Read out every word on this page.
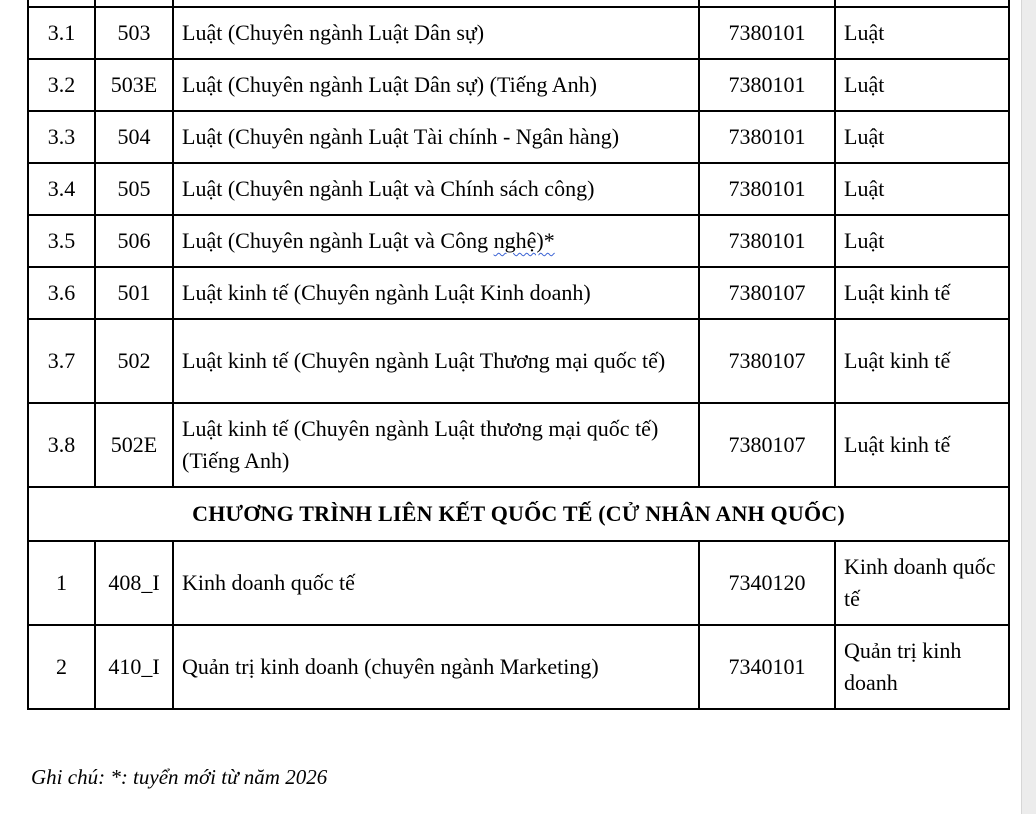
3.1	503	Luật (Chuyên ngành Luật Dân sự)	7380101	Luật
3.2	503E	Luật (Chuyên ngành Luật Dân sự) (Tiếng Anh)	7380101	Luật
3.3	504	Luật (Chuyên ngành Luật Tài chính - Ngân hàng)	7380101	Luật
3.4	505	Luật (Chuyên ngành Luật và Chính sách công)	7380101	Luật
3.5	506	Luật (Chuyên ngành Luật và Công nghệ)*	7380101	Luật
3.6	501	Luật kinh tế (Chuyên ngành Luật Kinh doanh)	7380107	Luật kinh tế
3.7	502	Luật kinh tế (Chuyên ngành Luật Thương mại quốc tế)	7380107	Luật kinh tế
3.8	502E	Luật kinh tế (Chuyên ngành Luật thương mại quốc tế) (Tiếng Anh)	7380107	Luật kinh tế
CHƯƠNG TRÌNH LIÊN KẾT QUỐC TẾ (CỬ NHÂN ANH QUỐC)				
1	408_I	Kinh doanh quốc tế	7340120	Kinh doanh quốc tế
2	410_I	Quản trị kinh doanh (chuyên ngành Marketing)	7340101	Quản trị kinh doanh
Ghi chú: *: tuyển mới từ năm 2026
